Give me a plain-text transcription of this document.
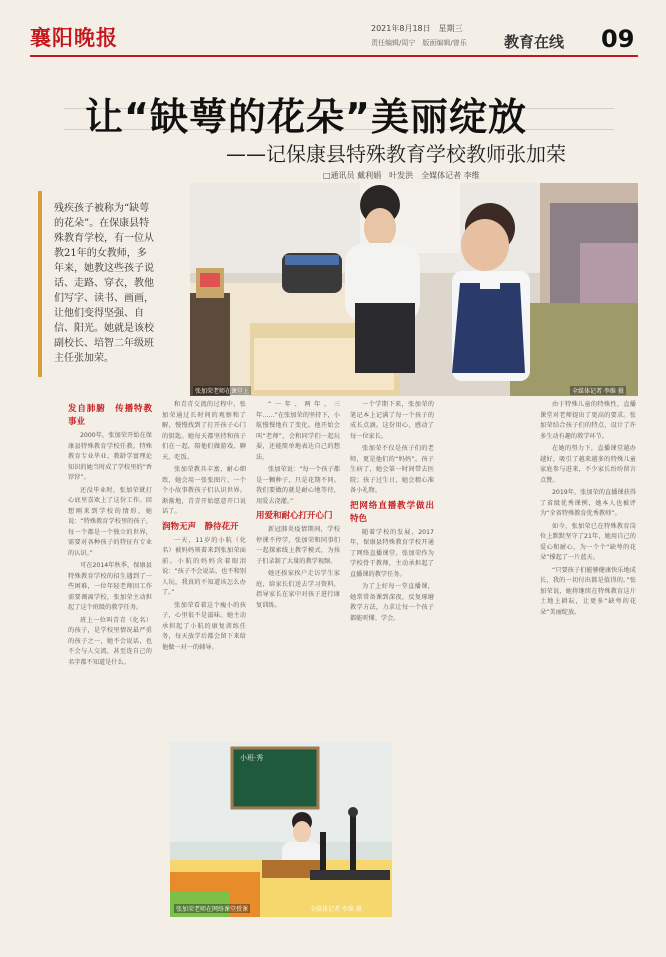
襄阳晚报	2021年8月18日　星期三
责任编辑/周宁　版面编辑/曾乐 教育在线 09
让“缺萼的花朵”美丽绽放
——记保康县特殊教育学校教师张加荣
□通讯员 戴利娟　叶发洪　全媒体记者 李维
残疾孩子被称为“缺萼的花朵”。在保康县特殊教育学校，有一位从教21年的女教师，多年来，她教这些孩子说话、走路、穿衣，教他们写字、读书、画画，让他们变得坚强、自信、阳光。她就是该校副校长、培智二年级班主任张加荣。
张加荣老师在课堂上	全媒体记者 李维 摄
发自肺腑　传播特教事业

2000年，张加荣开始在保康县特殊教育学校任教。特殊教育专业毕业、教龄学富理论知识的她当时成了学校里的“香饽饽”。

还没毕业时，张加荣就打心底里喜欢上了这份工作。回想刚来到学校的情形，她说：“特殊教育学校里的孩子，每一个都是一个独立的世界，需要对各种孩子的特征有专业的认识。”

可在2014年秋季，保康县特殊教育学校的招生遇到了一些困难，一位年轻老师因工作需要调离学校，张加荣主动担起了这个班级的教学任务。

班上一位叫青青（化名）的孩子，是学校里情况最严重的孩子之一，她不会说话，也不会与人交流，甚至连自己的名字都不知道是什么。

和青青交流的过程中，张加荣通过长时间的观察和了解，慢慢找到了打开孩子心门的钥匙。她每天都坚持和孩子们在一起，陪他们做游戏、聊天、吃饭。

张加荣教具丰富，耐心细致，她会用一张张图片、一个个小故事教孩子们认识世界。渐渐地，青青开始愿意开口说话了。

润物无声　静待花开

一天，11岁的小航（化名）被妈妈领着来到张加荣面前。小航的妈妈含着眼泪说：“孩子不会说话，也不和别人玩，我真的不知道该怎么办了。”

张加荣看着这个瘦小的孩子，心里很不是滋味。她主动承担起了小航的康复训练任务，每天放学后都会留下来给他做一对一的辅导。

“一年、两年、三年……”在张加荣的坚持下，小航慢慢地有了变化。他开始会叫“老师”，会和同学们一起玩耍，还能简单地表达自己的想法。

张加荣说：“每一个孩子都是一颗种子，只是花期不同。我们要做的就是耐心地等待，用爱去浇灌。”

用爱和耐心打开心门

新冠肺炎疫情期间，学校停课不停学，张加荣和同事们一起探索线上教学模式，为孩子们录制了大量的教学视频。

她还挨家挨户走访学生家庭，给家长们送去学习资料，指导家长在家中对孩子进行康复训练。

一个学期下来，张加荣的笔记本上记满了每一个孩子的成长点滴。这份用心，感动了每一位家长。

张加荣不仅是孩子们的老师，更是他们的“妈妈”。孩子生病了，她会第一时间带去医院；孩子过生日，她会精心准备小礼物。

把网络直播教学做出特色

随着学校的发展，2017年，保康县特殊教育学校开通了网络直播课堂。张加荣作为学校骨干教师，主动承担起了直播课的教学任务。

为了上好每一堂直播课，她常常备课到深夜，反复琢磨教学方法，力求让每一个孩子都能听懂、学会。

由于特殊儿童的特殊性，直播课堂对老师提出了更高的要求。张加荣结合孩子们的特点，设计了许多生动有趣的教学环节。

在她的努力下，直播课堂越办越好，吸引了越来越多的特殊儿童家庭参与进来，不少家长纷纷留言点赞。

2019年，张加荣的直播课获得了省级优秀课例，她本人也被评为“全省特殊教育优秀教师”。

如今，张加荣已在特殊教育岗位上默默坚守了21年，她用自己的爱心和耐心，为一个个“缺萼的花朵”撑起了一片蓝天。

“只要孩子们能够健康快乐地成长，我的一切付出都是值得的。”张加荣说，她将继续在特殊教育这片土地上耕耘，让更多“缺萼的花朵”美丽绽放。

张加荣老师在网络课堂授课	全媒体记者 李维 摄
小班·秀
